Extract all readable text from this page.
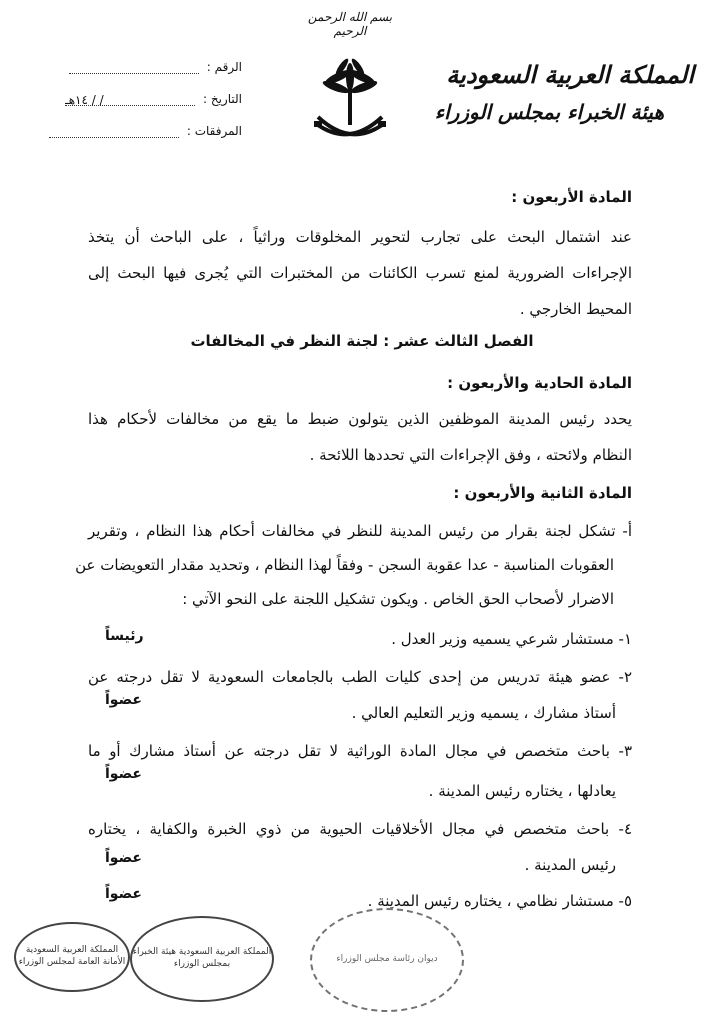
بسم الله الرحمن الرحيم
المملكة العربية السعودية
هيئة الخبراء بمجلس الوزراء
الرقم :
التاريخ : / / ١٤هـ
المرفقات :
المادة الأربعون :
عند اشتمال البحث على تجارب لتحوير المخلوقات وراثياً ، على الباحث أن يتخذ
الإجراءات الضرورية لمنع تسرب الكائنات من المختبرات التي يُجرى فيها البحث إلى
المحيط الخارجي .
الفصل الثالث عشر : لجنة النظر في المخالفات
المادة الحادية والأربعون :
يحدد رئيس المدينة الموظفين الذين يتولون ضبط ما يقع من مخالفات لأحكام هذا
النظام ولائحته ، وفق الإجراءات التي تحددها اللائحة .
المادة الثانية والأربعون :
أ- تشكل لجنة بقرار من رئيس المدينة للنظر في مخالفات أحكام هذا النظام ، وتقرير
العقوبات المناسبة - عدا عقوبة السجن - وفقاً لهذا النظام ، وتحديد مقدار التعويضات عن
الاضرار لأصحاب الحق الخاص . ويكون تشكيل اللجنة على النحو الآتي :
١- مستشار شرعي يسميه وزير العدل .
رئيساً
٢- عضو هيئة تدريس من إحدى كليات الطب بالجامعات السعودية لا تقل درجته عن
أستاذ مشارك ، يسميه وزير التعليم العالي .
عضواً
٣- باحث متخصص في مجال المادة الوراثية لا تقل درجته عن أستاذ مشارك أو ما
يعادلها ، يختاره رئيس المدينة .
عضواً
٤- باحث متخصص في مجال الأخلاقيات الحيوية من ذوي الخبرة والكفاية ، يختاره
رئيس المدينة .
عضواً
٥- مستشار نظامي ، يختاره رئيس المدينة .
عضواً
المملكة العربية السعودية الأمانة العامة لمجلس الوزراء
المملكة العربية السعودية هيئة الخبراء بمجلس الوزراء	ديوان رئاسة مجلس الوزراء
